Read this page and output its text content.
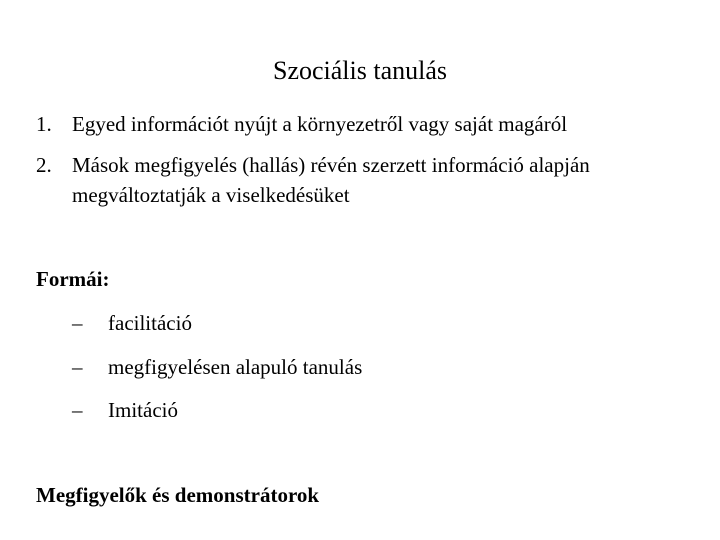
Szociális tanulás
1. Egyed információt nyújt a környezetről vagy saját magáról
2. Mások megfigyelés (hallás) révén szerzett információ alapján megváltoztatják a viselkedésüket
Formái:
– facilitáció
– megfigyelésen alapuló tanulás
– Imitáció
Megfigyelők és demonstrátorok
